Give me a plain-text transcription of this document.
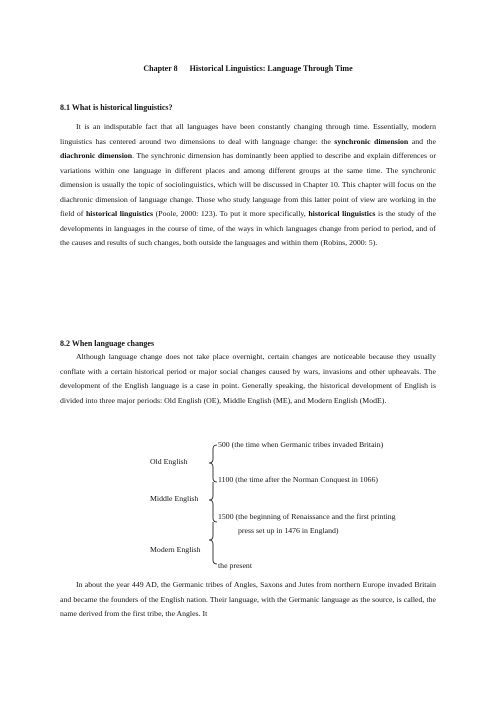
Chapter 8      Historical Linguistics: Language Through Time
8.1 What is historical linguistics?
It is an indisputable fact that all languages have been constantly changing through time. Essentially, modern linguistics has centered around two dimensions to deal with language change: the synchronic dimension and the diachronic dimension. The synchronic dimension has dominantly been applied to describe and explain differences or variations within one language in different places and among different groups at the same time. The synchronic dimension is usually the topic of sociolinguistics, which will be discussed in Chapter 10. This chapter will focus on the diachronic dimension of language change. Those who study language from this latter point of view are working in the field of historical linguistics (Poole, 2000: 123). To put it more specifically, historical linguistics is the study of the developments in languages in the course of time, of the ways in which languages change from period to period, and of the causes and results of such changes, both outside the languages and within them (Robins, 2000: 5).
8.2 When language changes
Although language change does not take place overnight, certain changes are noticeable because they usually conflate with a certain historical period or major social changes caused by wars, invasions and other upheavals. The development of the English language is a case in point. Generally speaking, the historical development of English is divided into three major periods: Old English (OE), Middle English (ME), and Modern English (ModE).
500 (the time when Germanic tribes invaded Britain)
Old English
1100 (the time after the Norman Conquest in 1066)
Middle English
1500 (the beginning of Renaissance and the first printing
press set up in 1476 in England)
Modern English
the present
In about the year 449 AD, the Germanic tribes of Angles, Saxons and Jutes from northern Europe invaded Britain and became the founders of the English nation. Their language, with the Germanic language as the source, is called, the name derived from the first tribe, the Angles. It
